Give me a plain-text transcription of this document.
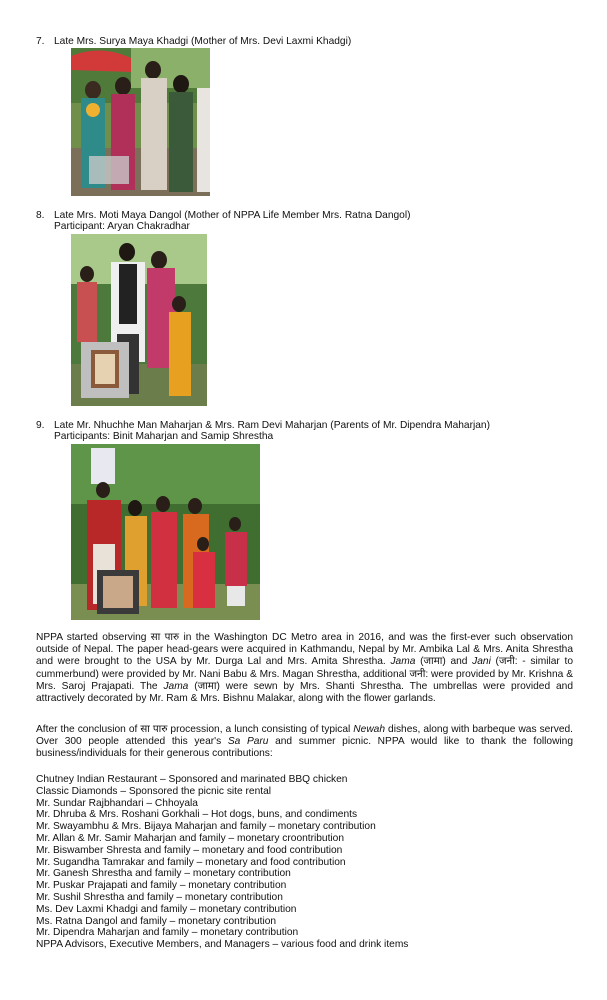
7. Late Mrs. Surya Maya Khadgi (Mother of Mrs. Devi Laxmi Khadgi)
8. Late Mrs. Moti Maya Dangol (Mother of NPPA Life Member Mrs. Ratna Dangol)
Participant: Aryan Chakradhar
9. Late Mr. Nhuchhe Man Maharjan & Mrs. Ram Devi Maharjan (Parents of Mr. Dipendra Maharjan)
Participants: Binit Maharjan and Samip Shrestha
NPPA started observing सा पारु in the Washington DC Metro area in 2016, and was the first-ever such observation outside of Nepal. The paper head-gears were acquired in Kathmandu, Nepal by Mr. Ambika Lal & Mrs. Anita Shrestha and were brought to the USA by Mr. Durga Lal and Mrs. Amita Shrestha. Jama (जामा) and Jani (जनी: - similar to cummerbund) were provided by Mr. Nani Babu & Mrs. Magan Shrestha, additional जनी: were provided by Mr. Krishna & Mrs. Saroj Prajapati. The Jama (जामा) were sewn by Mrs. Shanti Shrestha. The umbrellas were provided and attractively decorated by Mr. Ram & Mrs. Bishnu Malakar, along with the flower garlands.
After the conclusion of सा पारु procession, a lunch consisting of typical Newah dishes, along with barbeque was served. Over 300 people attended this year's Sa Paru and summer picnic. NPPA would like to thank the following business/individuals for their generous contributions:
Chutney Indian Restaurant – Sponsored and marinated BBQ chicken
Classic Diamonds – Sponsored the picnic site rental
Mr. Sundar Rajbhandari – Chhoyala
Mr. Dhruba & Mrs. Roshani Gorkhali – Hot dogs, buns, and condiments
Mr. Swayambhu & Mrs. Bijaya Maharjan and family – monetary contribution
Mr. Allan & Mr. Samir Maharjan and family – monetary croontribution
Mr. Biswamber Shresta and family – monetary and food contribution
Mr. Sugandha Tamrakar and family – monetary and food contribution
Mr. Ganesh Shrestha and family – monetary contribution
Mr. Puskar Prajapati and family – monetary contribution
Mr. Sushil Shrestha and family – monetary contribution
Ms. Dev Laxmi Khadgi and family – monetary contribution
Ms. Ratna Dangol and family – monetary contribution
Mr. Dipendra Maharjan and family – monetary contribution
NPPA Advisors, Executive Members, and Managers – various food and drink items
